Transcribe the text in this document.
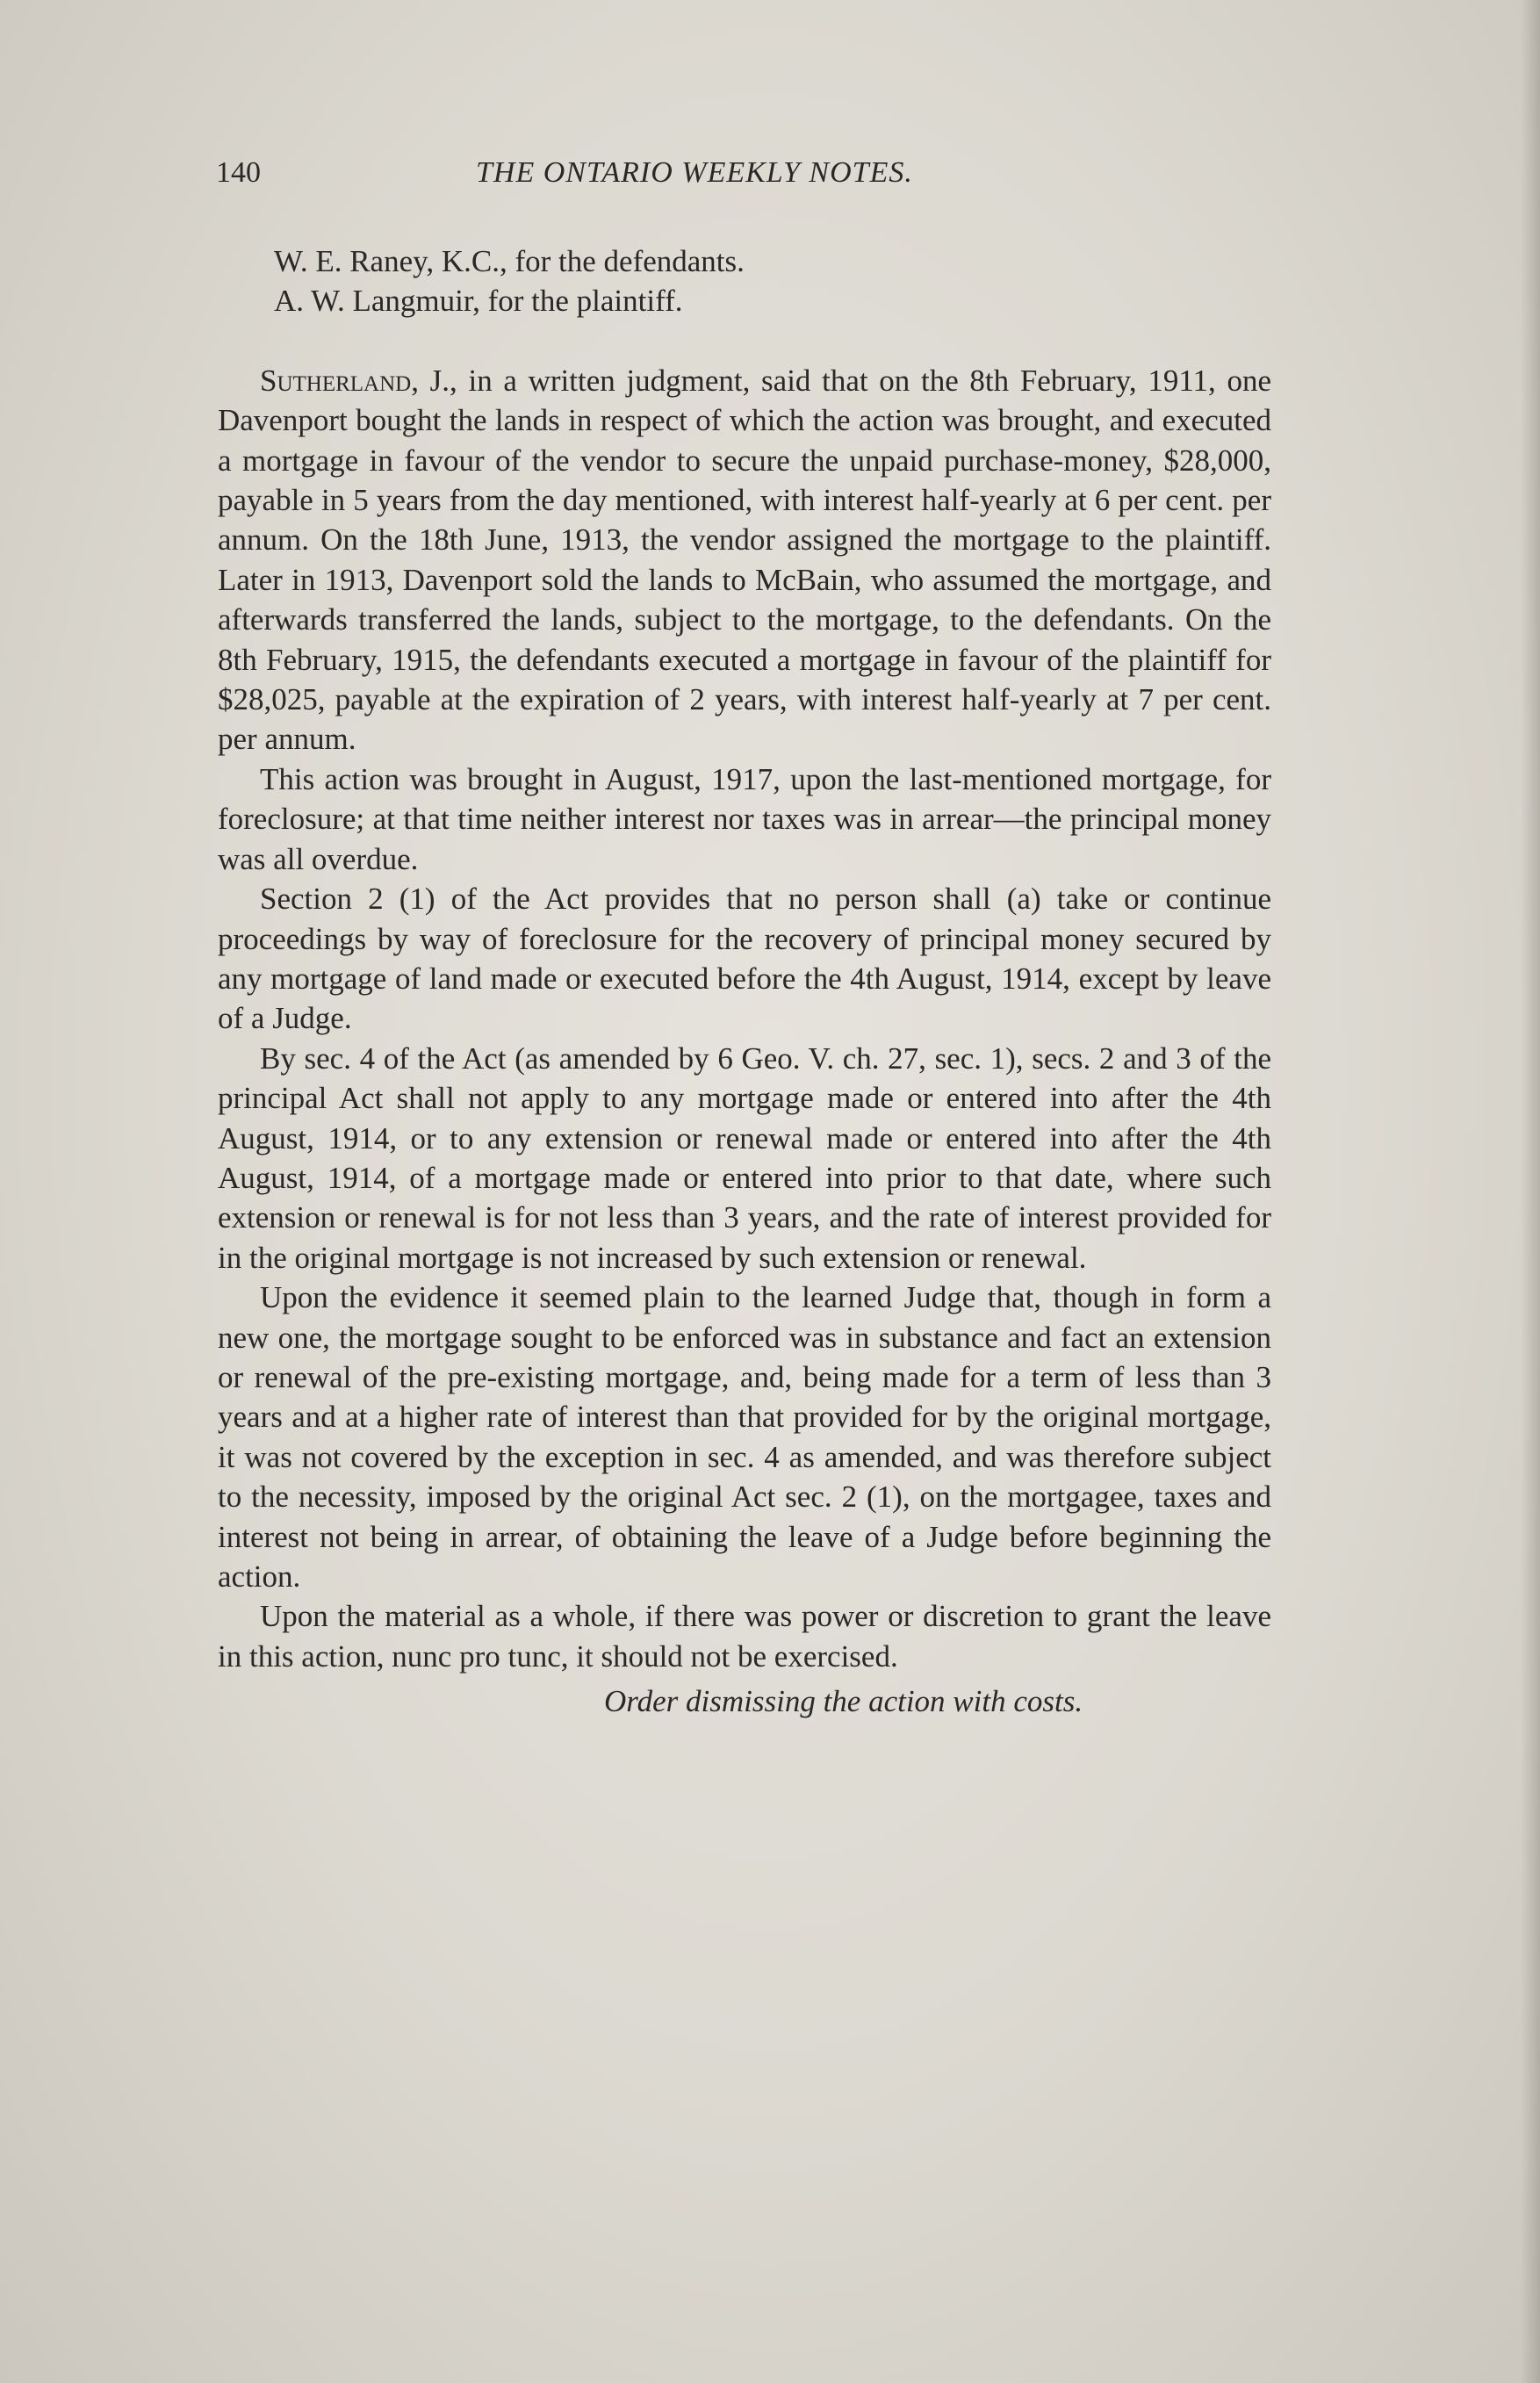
140	THE ONTARIO WEEKLY NOTES.

W. E. Raney, K.C., for the defendants.

A. W. Langmuir, for the plaintiff.

Sutherland, J., in a written judgment, said that on the 8th February, 1911, one Davenport bought the lands in respect of which the action was brought, and executed a mortgage in favour of the vendor to secure the unpaid purchase-money, $28,000, payable in 5 years from the day mentioned, with interest half-yearly at 6 per cent. per annum. On the 18th June, 1913, the vendor assigned the mortgage to the plaintiff. Later in 1913, Davenport sold the lands to McBain, who assumed the mortgage, and afterwards transferred the lands, subject to the mortgage, to the defendants. On the 8th February, 1915, the defendants executed a mortgage in favour of the plaintiff for $28,025, payable at the expiration of 2 years, with interest half-yearly at 7 per cent. per annum.

This action was brought in August, 1917, upon the last-mentioned mortgage, for foreclosure; at that time neither interest nor taxes was in arrear—the principal money was all overdue.

Section 2 (1) of the Act provides that no person shall (a) take or continue proceedings by way of foreclosure for the recovery of principal money secured by any mortgage of land made or executed before the 4th August, 1914, except by leave of a Judge.

By sec. 4 of the Act (as amended by 6 Geo. V. ch. 27, sec. 1), secs. 2 and 3 of the principal Act shall not apply to any mortgage made or entered into after the 4th August, 1914, or to any extension or renewal made or entered into after the 4th August, 1914, of a mortgage made or entered into prior to that date, where such extension or renewal is for not less than 3 years, and the rate of interest provided for in the original mortgage is not increased by such extension or renewal.

Upon the evidence it seemed plain to the learned Judge that, though in form a new one, the mortgage sought to be enforced was in substance and fact an extension or renewal of the pre-existing mortgage, and, being made for a term of less than 3 years and at a higher rate of interest than that provided for by the original mortgage, it was not covered by the exception in sec. 4 as amended, and was therefore subject to the necessity, imposed by the original Act sec. 2 (1), on the mortgagee, taxes and interest not being in arrear, of obtaining the leave of a Judge before beginning the action.

Upon the material as a whole, if there was power or discretion to grant the leave in this action, nunc pro tunc, it should not be exercised.

Order dismissing the action with costs.
